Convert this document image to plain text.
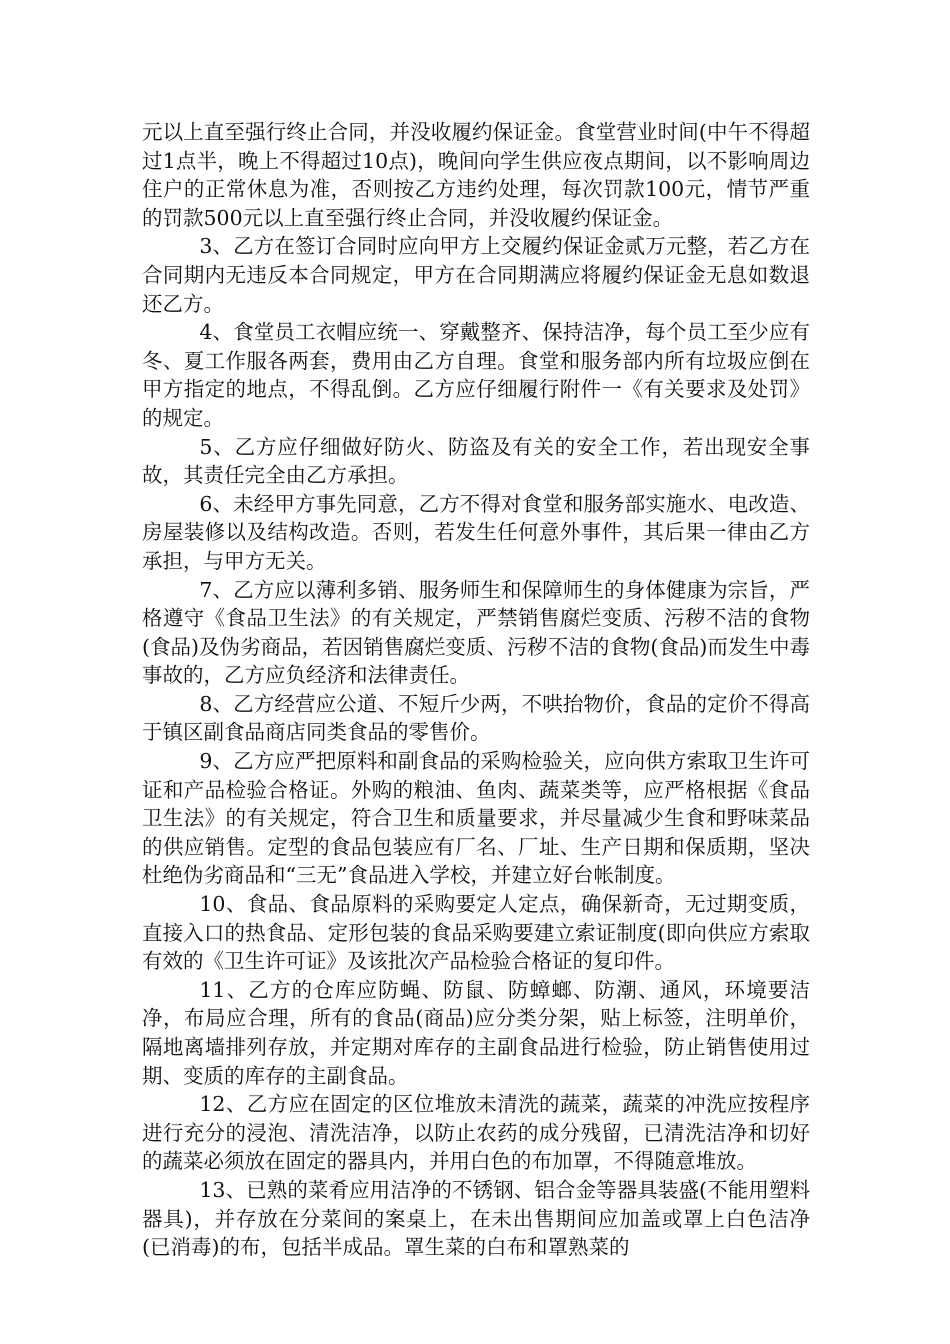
元以上直至强行终止合同，并没收履约保证金。食堂营业时间(中午不得超过1点半，晚上不得超过10点)，晚间向学生供应夜点期间，以不影响周边住户的正常休息为准，否则按乙方违约处理，每次罚款100元，情节严重的罚款500元以上直至强行终止合同，并没收履约保证金。

3、乙方在签订合同时应向甲方上交履约保证金贰万元整，若乙方在合同期内无违反本合同规定，甲方在合同期满应将履约保证金无息如数退还乙方。

4、食堂员工衣帽应统一、穿戴整齐、保持洁净，每个员工至少应有冬、夏工作服各两套，费用由乙方自理。食堂和服务部内所有垃圾应倒在甲方指定的地点，不得乱倒。乙方应仔细履行附件一《有关要求及处罚》的规定。

5、乙方应仔细做好防火、防盗及有关的安全工作，若出现安全事故，其责任完全由乙方承担。

6、未经甲方事先同意，乙方不得对食堂和服务部实施水、电改造、房屋装修以及结构改造。否则，若发生任何意外事件，其后果一律由乙方承担，与甲方无关。

7、乙方应以薄利多销、服务师生和保障师生的身体健康为宗旨，严格遵守《食品卫生法》的有关规定，严禁销售腐烂变质、污秽不洁的食物(食品)及伪劣商品，若因销售腐烂变质、污秽不洁的食物(食品)而发生中毒事故的，乙方应负经济和法律责任。

8、乙方经营应公道、不短斤少两，不哄抬物价，食品的定价不得高于镇区副食品商店同类食品的零售价。

9、乙方应严把原料和副食品的采购检验关，应向供方索取卫生许可证和产品检验合格证。外购的粮油、鱼肉、蔬菜类等，应严格根据《食品卫生法》的有关规定，符合卫生和质量要求，并尽量减少生食和野味菜品的供应销售。定型的食品包装应有厂名、厂址、生产日期和保质期，坚决杜绝伪劣商品和“三无”食品进入学校，并建立好台帐制度。

10、食品、食品原料的采购要定人定点，确保新奇，无过期变质，直接入口的热食品、定形包装的食品采购要建立索证制度(即向供应方索取有效的《卫生许可证》及该批次产品检验合格证的复印件。

11、乙方的仓库应防蝇、防鼠、防蟑螂、防潮、通风，环境要洁净，布局应合理，所有的食品(商品)应分类分架，贴上标签，注明单价，隔地离墙排列存放，并定期对库存的主副食品进行检验，防止销售使用过期、变质的库存的主副食品。

12、乙方应在固定的区位堆放未清洗的蔬菜，蔬菜的冲洗应按程序进行充分的浸泡、清洗洁净，以防止农药的成分残留，已清洗洁净和切好的蔬菜必须放在固定的器具内，并用白色的布加罩，不得随意堆放。

13、已熟的菜肴应用洁净的不锈钢、铝合金等器具装盛(不能用塑料器具)，并存放在分菜间的案桌上，在未出售期间应加盖或罩上白色洁净(已消毒)的布，包括半成品。罩生菜的白布和罩熟菜的
